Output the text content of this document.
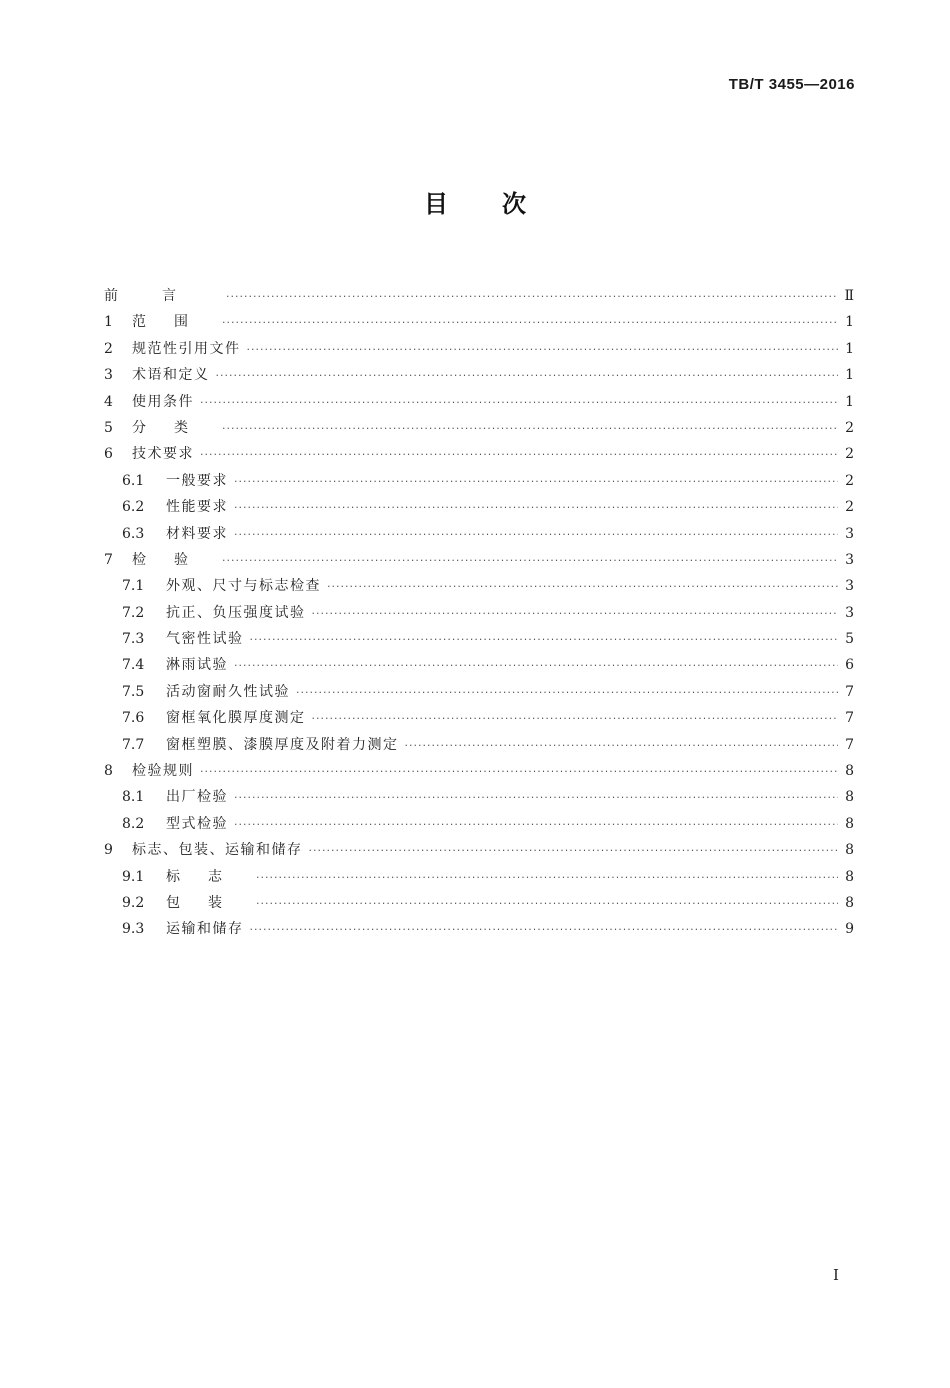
TB/T 3455—2016
目次
前言 ·····	Ⅱ
1	范围 ·····	1
2	规范性引用文件 ·····	1
3	术语和定义 ·····	1
4	使用条件 ·····	1
5	分类 ·····	2
6	技术要求 ·····	2
6.1	一般要求 ·····	2
6.2	性能要求 ·····	2
6.3	材料要求 ·····	3
7	检验 ·····	3
7.1	外观、尺寸与标志检查 ·····	3
7.2	抗正、负压强度试验 ·····	3
7.3	气密性试验 ·····	5
7.4	淋雨试验 ·····	6
7.5	活动窗耐久性试验 ·····	7
7.6	窗框氧化膜厚度测定 ·····	7
7.7	窗框塑膜、漆膜厚度及附着力测定 ·····	7
8	检验规则 ·····	8
8.1	出厂检验 ·····	8
8.2	型式检验 ·····	8
9	标志、包装、运输和储存 ·····	8
9.1	标志 ·····	8
9.2	包装 ·····	8
9.3	运输和储存 ·····	9
Ⅰ
